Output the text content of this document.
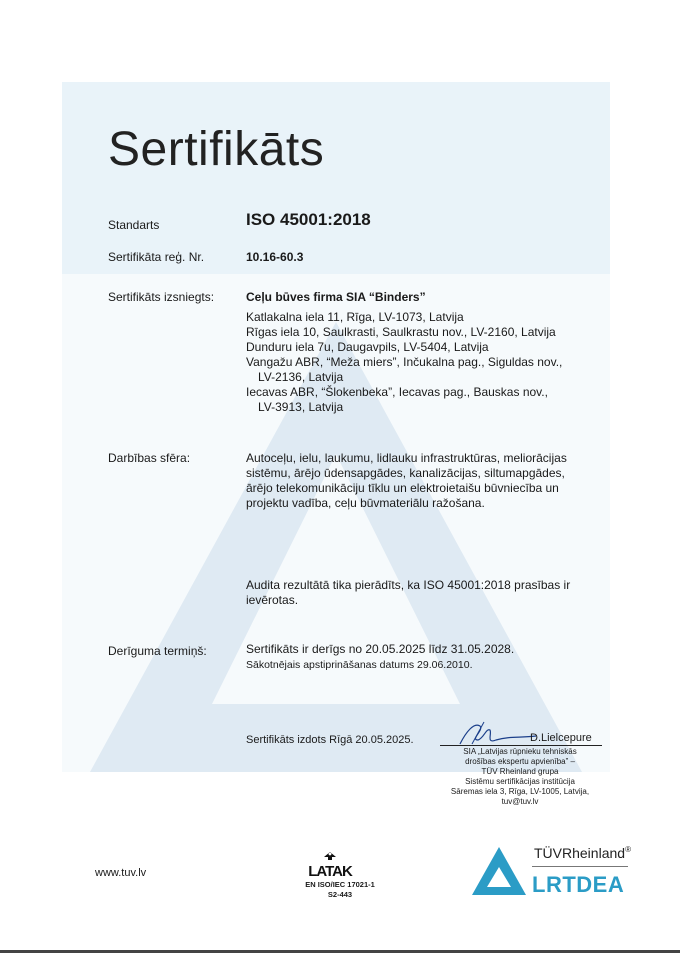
Sertifikāts
Standarts	ISO 45001:2018
Sertifikāta reģ. Nr.	10.16-60.3
Sertifikāts izsniegts:	Ceļu būves firma SIA “Binders”
Katlakalna iela 11, Rīga, LV-1073, Latvija
Rīgas iela 10, Saulkrasti, Saulkrastu nov., LV-2160, Latvija
Dunduru iela 7u, Daugavpils, LV-5404, Latvija
Vangažu ABR, “Meža miers”, Inčukalna pag., Siguldas nov.,
LV-2136, Latvija
Iecavas ABR, “Šlokenbeka”, Iecavas pag., Bauskas nov.,
LV-3913, Latvija
Darbības sfēra:	Autoceļu, ielu, laukumu, lidlauku infrastruktūras, meliorācijas
sistēmu, ārējo ūdensapgādes, kanalizācijas, siltumapgādes,
ārējo telekomunikāciju tīklu un elektroietaišu būvniecība un
projektu vadība, ceļu būvmateriālu ražošana.
Audita rezultātā tika pierādīts, ka ISO 45001:2018 prasības ir
ievērotas.
Derīguma termiņš:	Sertifikāts ir derīgs no 20.05.2025 līdz 31.05.2028.
Sākotnējais apstiprināšanas datums 29.06.2010.
Sertifikāts izdots Rīgā 20.05.2025.	D.Lielcepure
SIA „Latvijas rūpnieku tehniskās
drošības ekspertu apvienība” –
TÜV Rheinland grupa
Sistēmu sertifikācijas institūcija
Sāremas iela 3, Rīga, LV-1005, Latvija,
tuv@tuv.lv
www.tuv.lv	LATAK
EN ISO/IEC 17021-1
S2-443
TÜVRheinland®
LRTDEA
